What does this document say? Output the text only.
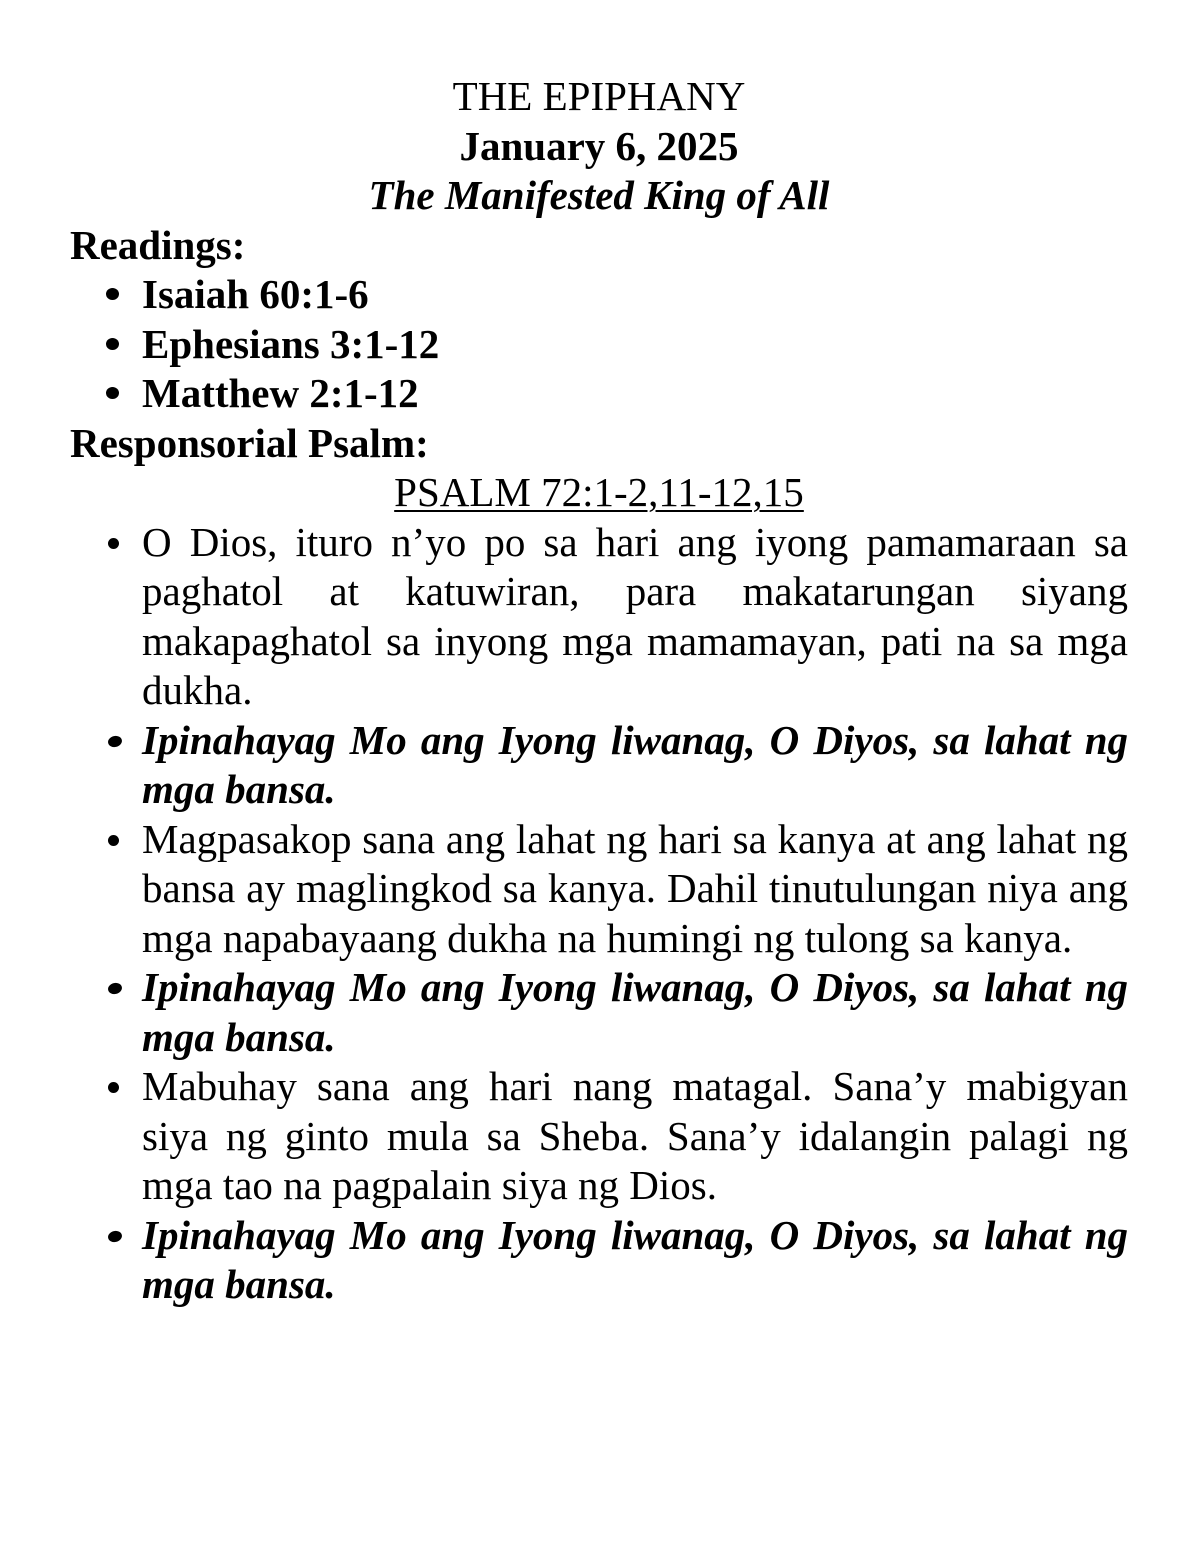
THE EPIPHANY
January 6, 2025
The Manifested King of All
Readings:
Isaiah 60:1-6
Ephesians 3:1-12
Matthew 2:1-12
Responsorial Psalm:
PSALM 72:1-2,11-12,15
O Dios, ituro n’yo po sa hari ang iyong pamamaraan sa paghatol at katuwiran, para makatarungan siyang makapaghatol sa inyong mga mamamayan, pati na sa mga dukha.
Ipinahayag Mo ang Iyong liwanag, O Diyos, sa lahat ng mga bansa.
Magpasakop sana ang lahat ng hari sa kanya at ang lahat ng bansa ay maglingkod sa kanya. Dahil tinutulungan niya ang mga napabayaang dukha na humingi ng tulong sa kanya.
Ipinahayag Mo ang Iyong liwanag, O Diyos, sa lahat ng mga bansa.
Mabuhay sana ang hari nang matagal. Sana’y mabigyan siya ng ginto mula sa Sheba. Sana’y idalangin palagi ng mga tao na pagpalain siya ng Dios.
Ipinahayag Mo ang Iyong liwanag, O Diyos, sa lahat ng mga bansa.
